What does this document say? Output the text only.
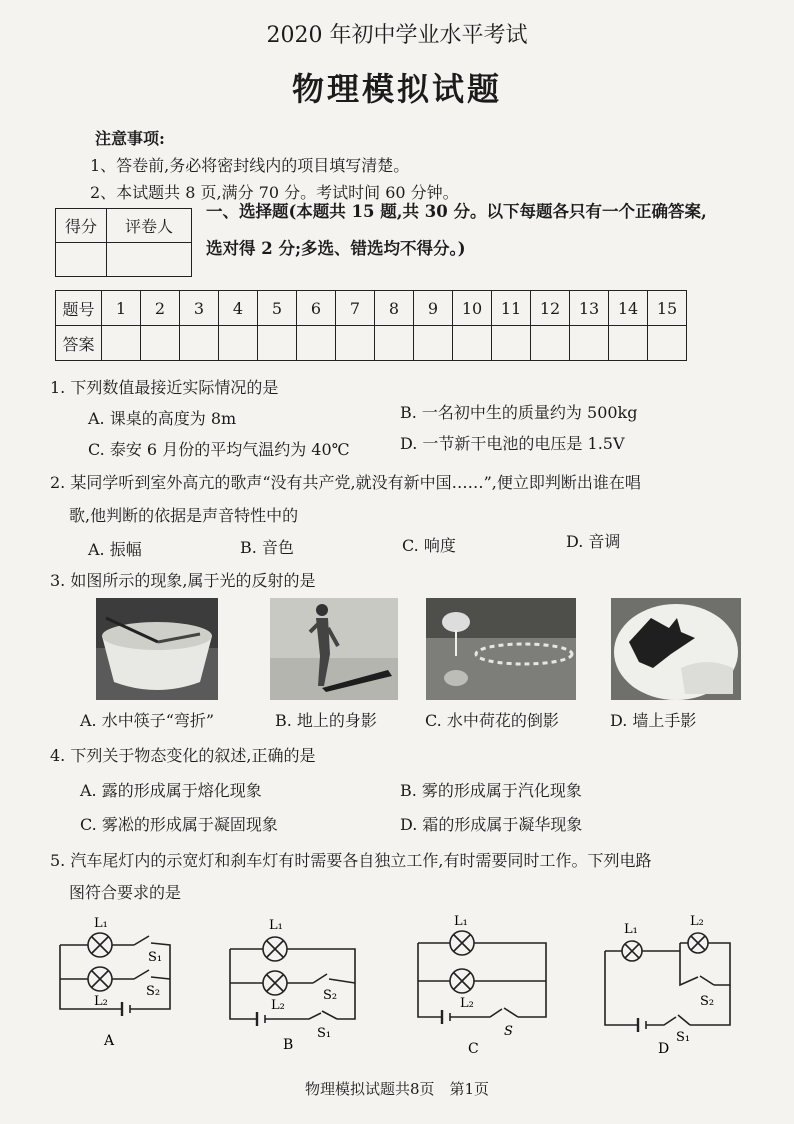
2020 年初中学业水平考试
物理模拟试题
注意事项:
1、答卷前,务必将密封线内的项目填写清楚。
2、本试题共 8 页,满分 70 分。考试时间 60 分钟。
得分	评卷人

一、选择题(本题共 15 题,共 30 分。以下每题各只有一个正确答案,
选对得 2 分;多选、错选均不得分。)
题号	1	2	3	4	5	6	7	8	9	10	11	12	13	14	15
答案															
1. 下列数值最接近实际情况的是
A. 课桌的高度为 8m	B. 一名初中生的质量约为 500kg
C. 泰安 6 月份的平均气温约为 40℃	D. 一节新干电池的电压是 1.5V
2. 某同学听到室外高亢的歌声“没有共产党,就没有新中国……”,便立即判断出谁在唱
歌,他判断的依据是声音特性中的
A. 振幅	B. 音色	C. 响度	D. 音调
3. 如图所示的现象,属于光的反射的是
A. 水中筷子“弯折”	B. 地上的身影	C. 水中荷花的倒影	D. 墙上手影
4. 下列关于物态变化的叙述,正确的是
A. 露的形成属于熔化现象	B. 雾的形成属于汽化现象
C. 雾凇的形成属于凝固现象	D. 霜的形成属于凝华现象
5. 汽车尾灯内的示宽灯和刹车灯有时需要各自独立工作,有时需要同时工作。下列电路
图符合要求的是
L₁
L₂
S₁
S₂
A
L₁
L₂
S₂
S₁
B
L₁
L₂
S
C
L₁
L₂
S₂
S₁
D
物理模拟试题共8页　第1页
